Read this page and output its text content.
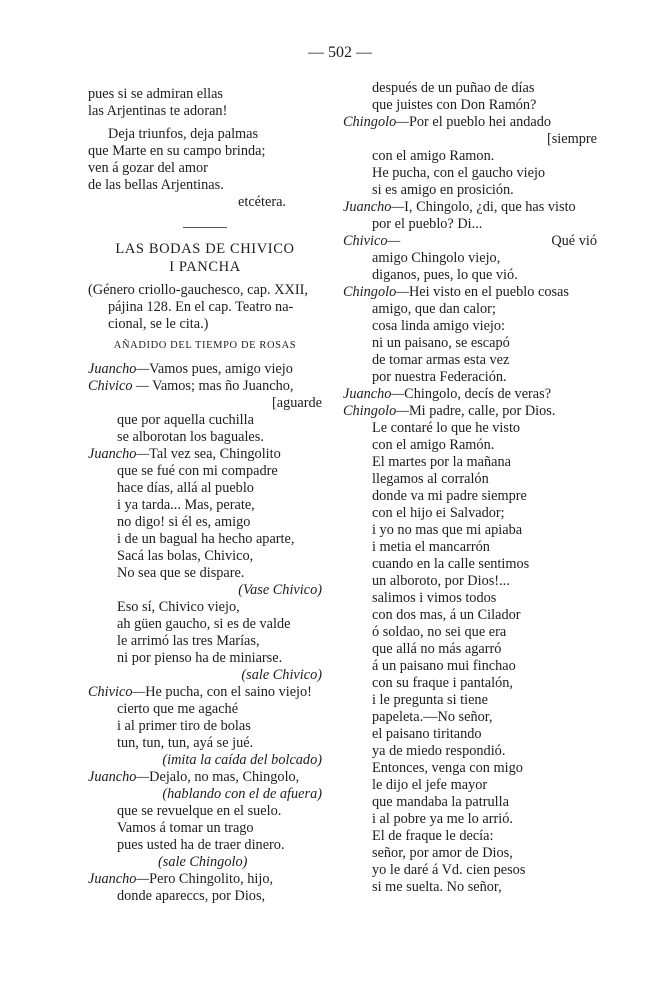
— 502 —
pues si se admiran ellas
las Arjentinas te adoran!
Deja triunfos, deja palmas
que Marte en su campo brinda;
ven á gozar del amor
de las bellas Arjentinas.
etcétera.
LAS BODAS DE CHIVICO
I PANCHA
(Género criollo-gauchesco, cap. XXII,
pájina 128. En el cap. Teatro na-
cional, se le cita.)
AÑADIDO DEL TIEMPO DE ROSAS
Juancho—Vamos pues, amigo viejo
Chivico — Vamos; mas ño Juancho,
[aguarde
que por aquella cuchilla
se alborotan los baguales.
Juancho—Tal vez sea, Chingolito
que se fué con mi compadre
hace días, allá al pueblo
i ya tarda... Mas, perate,
no digo! si él es, amigo
i de un bagual ha hecho aparte,
Sacá las bolas, Chivico,
No sea que se dispare.
(Vase Chivico)
Eso sí, Chivico viejo,
ah güen gaucho, si es de valde
le arrimó las tres Marías,
ni por pienso ha de miniarse.
(sale Chivico)
Chivico—He pucha, con el saino viejo!
cierto que me agaché
i al primer tiro de bolas
tun, tun, tun, ayá se jué.
(imita la caída del bolcado)
Juancho—Dejalo, no mas, Chingolo,
(hablando con el de afuera)
que se revuelque en el suelo.
Vamos á tomar un trago
pues usted ha de traer dinero.
(sale Chingolo)
Juancho—Pero Chingolito, hijo,
donde apareccs, por Dios,
después de un puñao de días
que juistes con Don Ramón?
Chingolo—Por el pueblo hei andado
[siempre
con el amigo Ramon.
He pucha, con el gaucho viejo
si es amigo en prosición.
Juancho—I, Chingolo, ¿di, que has visto
por el pueblo? Di...
Chivico—	Qué vió
amigo Chingolo viejo,
diganos, pues, lo que vió.
Chingolo—Hei visto en el pueblo cosas
amigo, que dan calor;
cosa linda amigo viejo:
ni un paisano, se escapó
de tomar armas esta vez
por nuestra Federación.
Juancho—Chingolo, decís de veras?
Chingolo—Mi padre, calle, por Dios.
Le contaré lo que he visto
con el amigo Ramón.
El martes por la mañana
llegamos al corralón
donde va mi padre siempre
con el hijo ei Salvador;
i yo no mas que mi apiaba
i metia el mancarrón
cuando en la calle sentimos
un alboroto, por Dios!...
salimos i vimos todos
con dos mas, á un Cilador
ó soldao, no sei que era
que allá no más agarró
á un paisano mui finchao
con su fraque i pantalón,
i le pregunta si tiene
papeleta.—No señor,
el paisano tiritando
ya de miedo respondió.
Entonces, venga con migo
le dijo el jefe mayor
que mandaba la patrulla
i al pobre ya me lo arrió.
El de fraque le decía:
señor, por amor de Dios,
yo le daré á Vd. cien pesos
si me suelta. No señor,
